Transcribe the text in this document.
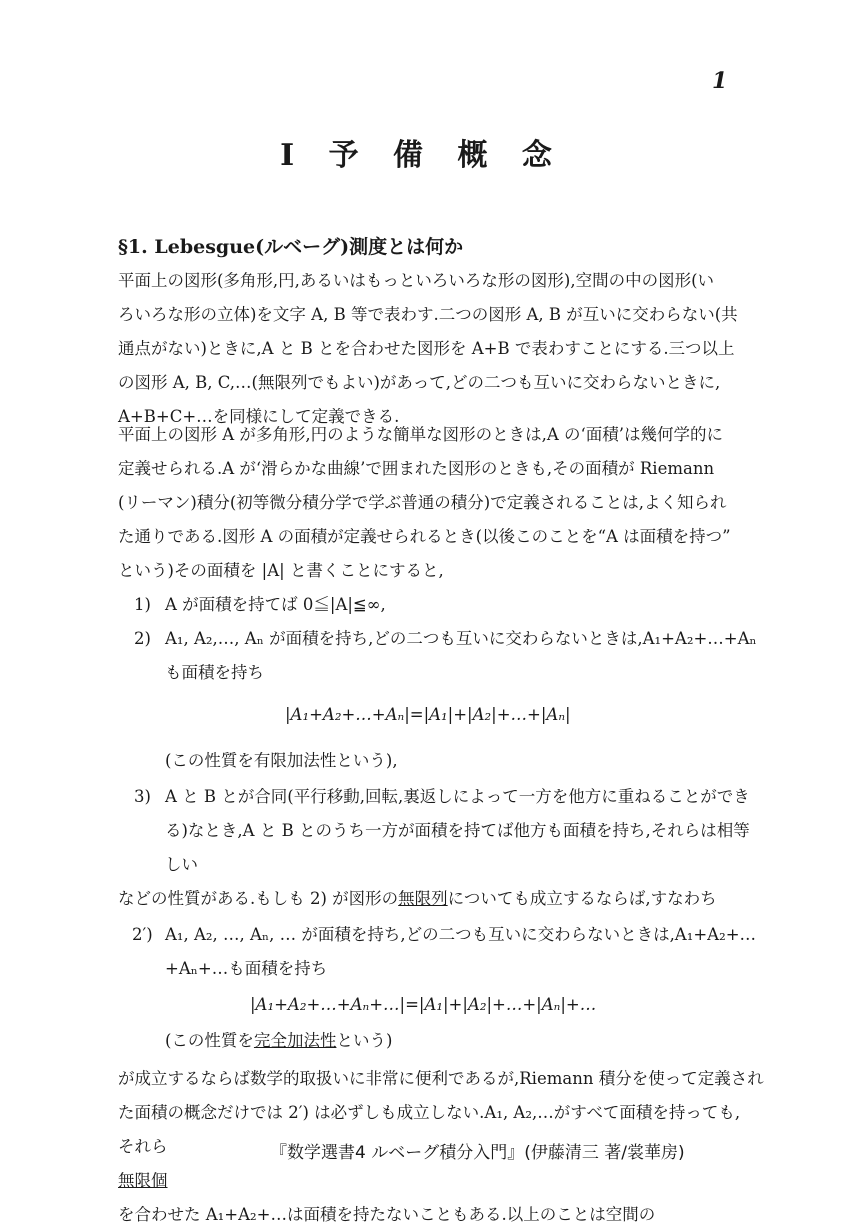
1
I 予 備 概 念
§1. Lebesgue(ルベーグ)測度とは何か
平面上の図形(多角形,円,あるいはもっといろいろな形の図形),空間の中の図形(い
ろいろな形の立体)を文字 A, B 等で表わす.二つの図形 A, B が互いに交わらない(共
通点がない)ときに,A と B とを合わせた図形を A+B で表わすことにする.三つ以上
の図形 A, B, C,…(無限列でもよい)があって,どの二つも互いに交わらないときに,
A+B+C+…を同様にして定義できる.
平面上の図形 A が多角形,円のような簡単な図形のときは,A の‘面積’は幾何学的に
定義せられる.A が‘滑らかな曲線’で囲まれた図形のときも,その面積が Riemann
(リーマン)積分(初等微分積分学で学ぶ普通の積分)で定義されることは,よく知られ
た通りである.図形 A の面積が定義せられるとき(以後このことを“A は面積を持つ”
という)その面積を |A| と書くことにすると,
1) A が面積を持てば 0≦|A|≦∞,
2) A₁, A₂,…, Aₙ が面積を持ち,どの二つも互いに交わらないときは,A₁+A₂+…+Aₙ
も面積を持ち
|A₁+A₂+…+Aₙ|=|A₁|+|A₂|+…+|Aₙ|
(この性質を有限加法性という),
3) A と B とが合同(平行移動,回転,裏返しによって一方を他方に重ねることができ
る)なとき,A と B とのうち一方が面積を持てば他方も面積を持ち,それらは相等
しい
などの性質がある.もしも 2) が図形の無限列についても成立するならば,すなわち
2′) A₁, A₂, …, Aₙ, … が面積を持ち,どの二つも互いに交わらないときは,A₁+A₂+…
+Aₙ+…も面積を持ち
|A₁+A₂+…+Aₙ+…|=|A₁|+|A₂|+…+|Aₙ|+…
(この性質を完全加法性という)
が成立するならば数学的取扱いに非常に便利であるが,Riemann 積分を使って定義され
た面積の概念だけでは 2′) は必ずしも成立しない.A₁, A₂,…がすべて面積を持っても,
それら
無限個
を合わせた A₁+A₂+…は面積を持たないこともある.以上のことは空間の
『数学選書4 ルベーグ積分入門』(伊藤清三 著/裳華房)
